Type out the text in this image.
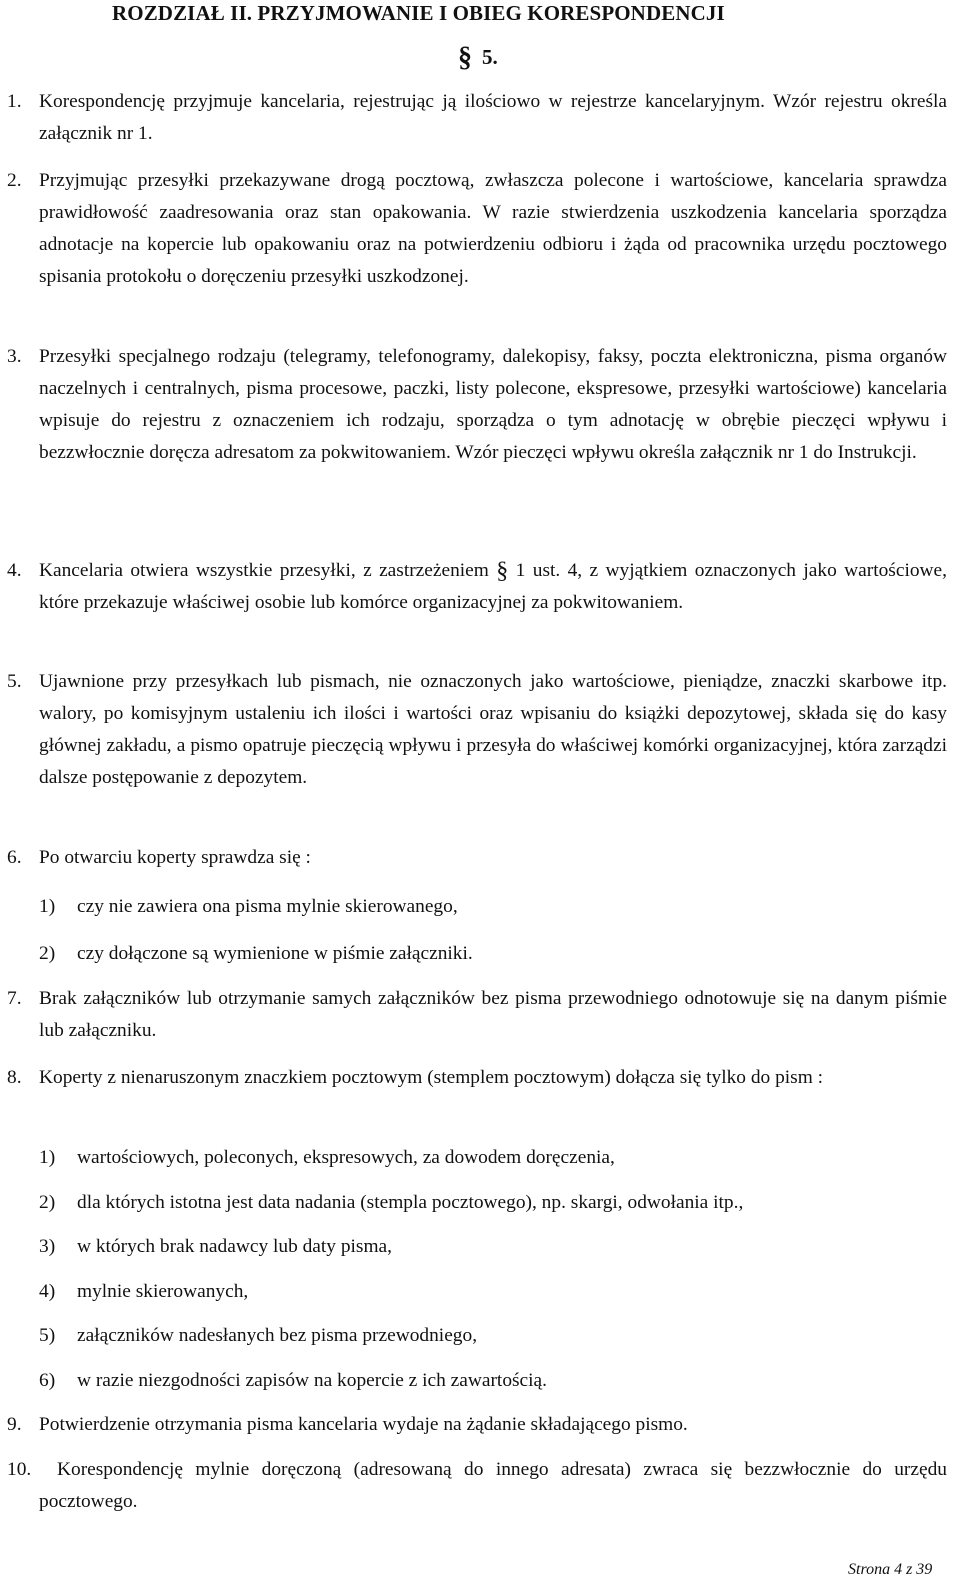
ROZDZIAŁ II. PRZYJMOWANIE I OBIEG KORESPONDENCJI
§ 5.
1. Korespondencję przyjmuje kancelaria, rejestrując ją ilościowo w rejestrze kancelaryjnym. Wzór rejestru określa załącznik nr 1.
2. Przyjmując przesyłki przekazywane drogą pocztową, zwłaszcza polecone i wartościowe, kancelaria sprawdza prawidłowość zaadresowania oraz stan opakowania. W razie stwierdzenia uszkodzenia kancelaria sporządza adnotacje na kopercie lub opakowaniu oraz na potwierdzeniu odbioru i żąda od pracownika urzędu pocztowego spisania protokołu o doręczeniu przesyłki uszkodzonej.
3. Przesyłki specjalnego rodzaju (telegramy, telefonogramy, dalekopisy, faksy, poczta elektroniczna, pisma organów naczelnych i centralnych, pisma procesowe, paczki, listy polecone, ekspresowe, przesyłki wartościowe) kancelaria wpisuje do rejestru z oznaczeniem ich rodzaju, sporządza o tym adnotację w obrębie pieczęci wpływu i bezzwłocznie doręcza adresatom za pokwitowaniem. Wzór pieczęci wpływu określa załącznik nr 1 do Instrukcji.
4. Kancelaria otwiera wszystkie przesyłki, z zastrzeżeniem § 1 ust. 4, z wyjątkiem oznaczonych jako wartościowe, które przekazuje właściwej osobie lub komórce organizacyjnej za pokwitowaniem.
5. Ujawnione przy przesyłkach lub pismach, nie oznaczonych jako wartościowe, pieniądze, znaczki skarbowe itp. walory, po komisyjnym ustaleniu ich ilości i wartości oraz wpisaniu do książki depozytowej, składa się do kasy głównej zakładu, a pismo opatruje pieczęcią wpływu i przesyła do właściwej komórki organizacyjnej, która zarządzi dalsze postępowanie z depozytem.
6. Po otwarciu koperty sprawdza się :
1) czy nie zawiera ona pisma mylnie skierowanego,
2) czy dołączone są wymienione w piśmie załączniki.
7. Brak załączników lub otrzymanie samych załączników bez pisma przewodniego odnotowuje się na danym piśmie lub załączniku.
8. Koperty z nienaruszonym znaczkiem pocztowym (stemplem pocztowym) dołącza się tylko do pism :
1) wartościowych, poleconych, ekspresowych, za dowodem doręczenia,
2) dla których istotna jest data nadania (stempla pocztowego), np. skargi, odwołania itp.,
3) w których brak nadawcy lub daty pisma,
4) mylnie skierowanych,
5) załączników nadesłanych bez pisma przewodniego,
6) w razie niezgodności zapisów na kopercie z ich zawartością.
9. Potwierdzenie otrzymania pisma kancelaria wydaje na żądanie składającego pismo.
10.	Korespondencję mylnie doręczoną (adresowaną do innego adresata) zwraca się bezzwłocznie do urzędu pocztowego.
Strona 4 z 39
